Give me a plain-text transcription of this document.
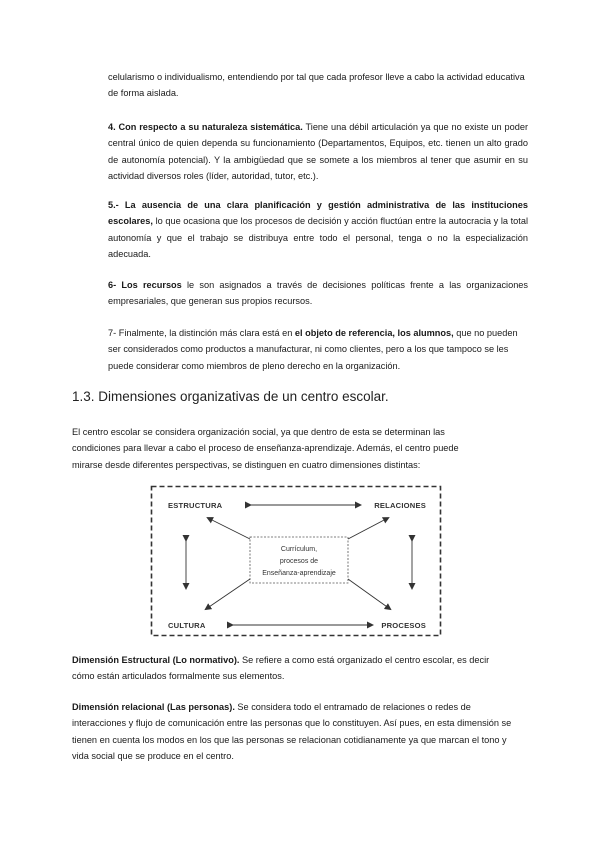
celularismo o individualismo, entendiendo por tal que cada profesor lleve a cabo la actividad educativa de forma aislada.
4. Con respecto a su naturaleza sistemática. Tiene una débil articulación ya que no existe un poder central único de quien dependa su funcionamiento (Departamentos, Equipos, etc. tienen un alto grado de autonomía potencial). Y la ambigüedad que se somete a los miembros al tener que asumir en su actividad diversos roles (líder, autoridad, tutor, etc.).
5.- La ausencia de una clara planificación y gestión administrativa de las instituciones escolares, lo que ocasiona que los procesos de decisión y acción fluctúan entre la autocracia y la total autonomía y que el trabajo se distribuya entre todo el personal, tenga o no la especialización adecuada.
6- Los recursos le son asignados a través de decisiones políticas frente a las organizaciones empresariales, que generan sus propios recursos.
7- Finalmente, la distinción más clara está en el objeto de referencia, los alumnos, que no pueden ser considerados como productos a manufacturar, ni como clientes, pero a los que tampoco se les puede considerar como miembros de pleno derecho en la organización.
1.3. Dimensiones organizativas de un centro escolar.
El centro escolar se considera organización social, ya que dentro de esta se determinan las condiciones para llevar a cabo el proceso de enseñanza-aprendizaje. Además, el centro puede mirarse desde diferentes perspectivas, se distinguen en cuatro dimensiones distintas:
ESTRUCTURA	RELACIONES
CULTURA	PROCESOS
Currículum,
procesos de
Enseñanza-aprendizaje
Dimensión Estructural (Lo normativo). Se refiere a como está organizado el centro escolar, es decir cómo están articulados formalmente sus elementos.
Dimensión relacional (Las personas). Se considera todo el entramado de relaciones o redes de interacciones y flujo de comunicación entre las personas que lo constituyen. Así pues, en esta dimensión se tienen en cuenta los modos en los que las personas se relacionan cotidianamente ya que marcan el tono y vida social que se produce en el centro.
